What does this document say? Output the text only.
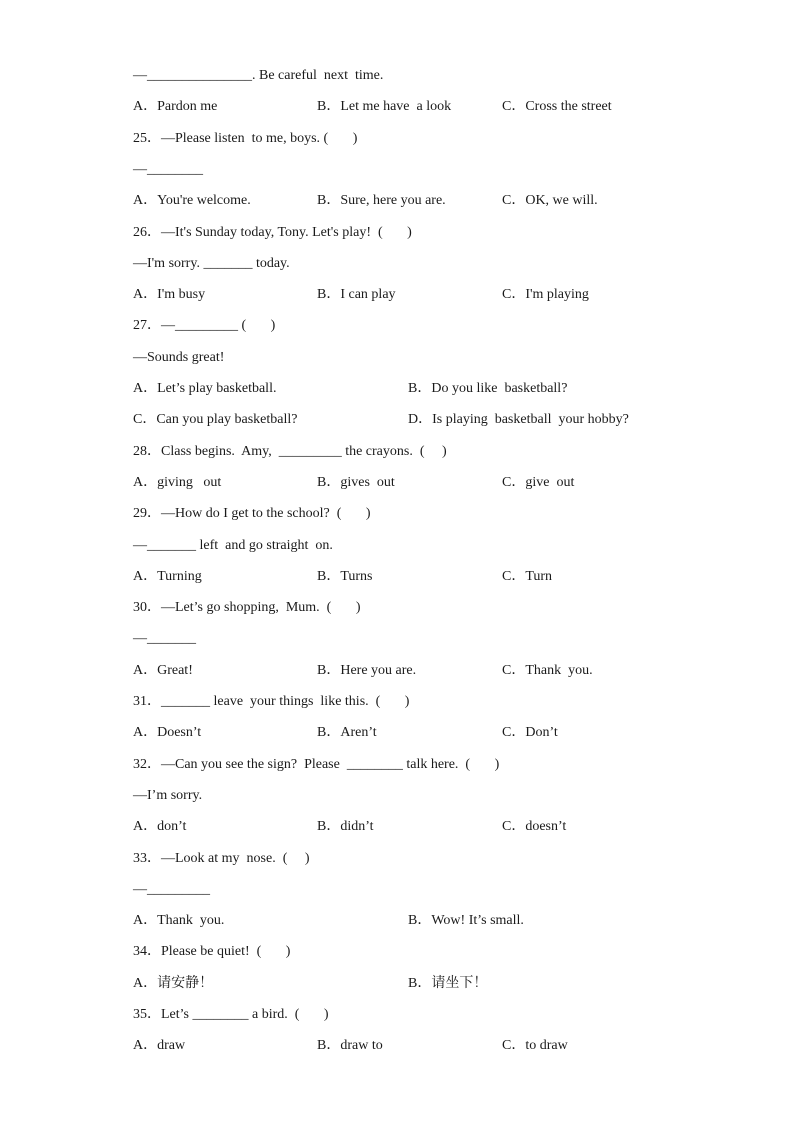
—_______________. Be careful  next  time.
A．Pardon me	B．Let me have  a look	C．Cross the street
25．—Please listen  to me, boys. (       )
—________
A．You're welcome.	B．Sure, here you are.	C．OK, we will.
26．—It's Sunday today, Tony. Let's play!  (       )
—I'm sorry. _______ today.
A．I'm busy	B．I can play	C．I'm playing
27．—_________ (       )
—Sounds great!
A．Let’s play basketball.	B．Do you like  basketball?
C．Can you play basketball?	D．Is playing  basketball  your hobby?
28．Class begins.  Amy,  _________ the crayons.  (     )
A．giving   out	B．gives  out	C．give  out
29．—How do I get to the school?  (       )
—_______ left  and go straight  on.
A．Turning	B．Turns	C．Turn
30．—Let’s go shopping,  Mum.  (       )
—_______
A．Great!	B．Here you are.	C．Thank  you.
31．_______ leave  your things  like this.  (       )
A．Doesn’t	B．Aren’t	C．Don’t
32．—Can you see the sign?  Please  ________ talk here.  (       )
—I’m sorry.
A．don’t	B．didn’t	C．doesn’t
33．—Look at my  nose.  (     )
—_________
A．Thank  you.	B．Wow! It’s small.
34．Please be quiet!  (       )
A．请安静！	B．请坐下！
35．Let’s ________ a bird.  (       )
A．draw	B．draw to	C．to draw
